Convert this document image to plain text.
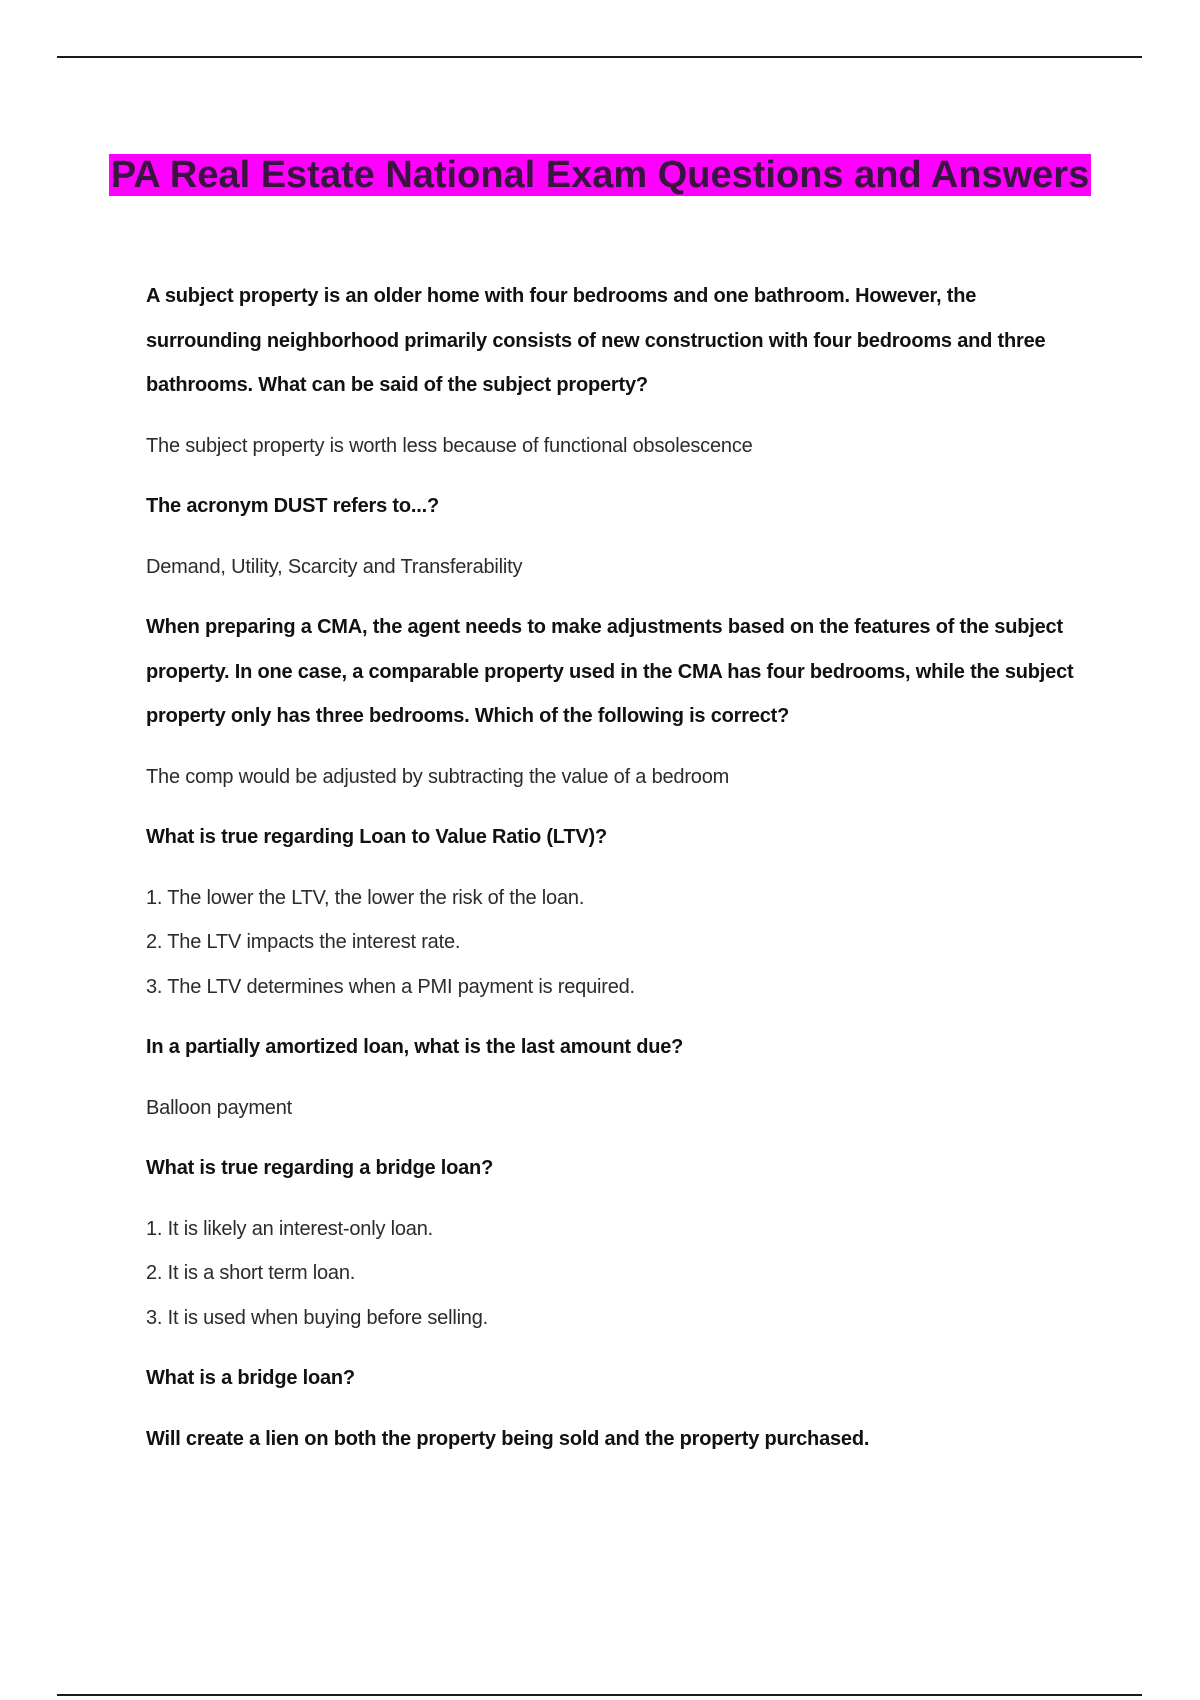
PA Real Estate National Exam Questions and Answers
A subject property is an older home with four bedrooms and one bathroom. However, the surrounding neighborhood primarily consists of new construction with four bedrooms and three bathrooms. What can be said of the subject property?
The subject property is worth less because of functional obsolescence
The acronym DUST refers to...?
Demand, Utility, Scarcity and Transferability
When preparing a CMA, the agent needs to make adjustments based on the features of the subject property. In one case, a comparable property used in the CMA has four bedrooms, while the subject property only has three bedrooms. Which of the following is correct?
The comp would be adjusted by subtracting the value of a bedroom
What is true regarding Loan to Value Ratio (LTV)?
1. The lower the LTV, the lower the risk of the loan.
2. The LTV impacts the interest rate.
3. The LTV determines when a PMI payment is required.
In a partially amortized loan, what is the last amount due?
Balloon payment
What is true regarding a bridge loan?
1. It is likely an interest-only loan.
2. It is a short term loan.
3. It is used when buying before selling.
What is a bridge loan?
Will create a lien on both the property being sold and the property purchased.
